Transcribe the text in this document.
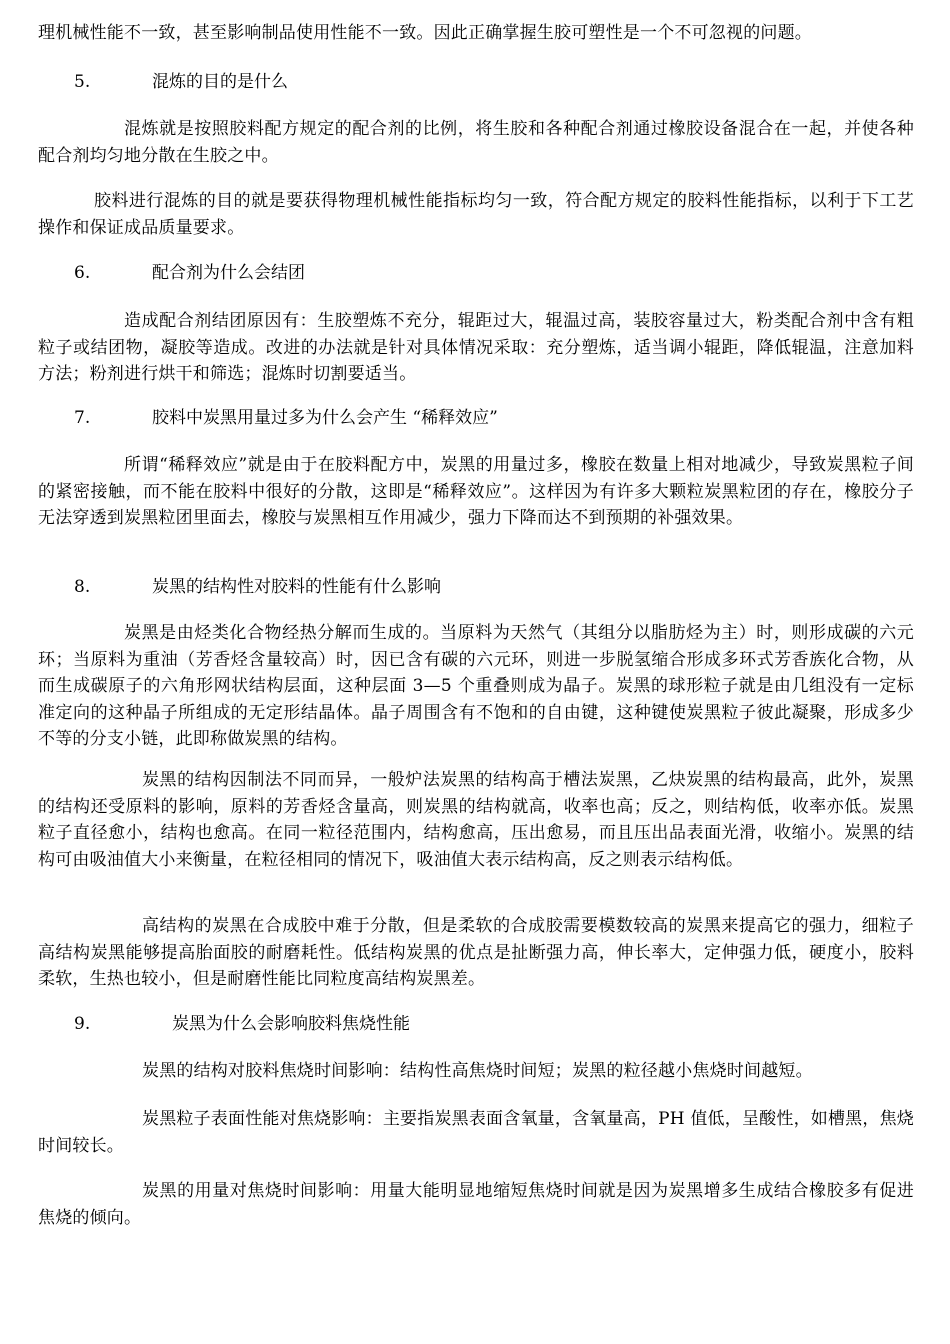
理机械性能不一致，甚至影响制品使用性能不一致。因此正确掌握生胶可塑性是一个不可忽视的问题。

5.	混炼的目的是什么

混炼就是按照胶料配方规定的配合剂的比例，将生胶和各种配合剂通过橡胶设备混合在一起，并使各种配合剂均匀地分散在生胶之中。

胶料进行混炼的目的就是要获得物理机械性能指标均匀一致，符合配方规定的胶料性能指标，以利于下工艺操作和保证成品质量要求。

6.	配合剂为什么会结团

造成配合剂结团原因有：生胶塑炼不充分，辊距过大，辊温过高，装胶容量过大，粉类配合剂中含有粗粒子或结团物，凝胶等造成。改进的办法就是针对具体情况采取：充分塑炼，适当调小辊距，降低辊温，注意加料方法；粉剂进行烘干和筛选；混炼时切割要适当。

7.	胶料中炭黑用量过多为什么会产生 “稀释效应”

所谓“稀释效应”就是由于在胶料配方中，炭黑的用量过多，橡胶在数量上相对地减少，导致炭黑粒子间的紧密接触，而不能在胶料中很好的分散，这即是“稀释效应”。这样因为有许多大颗粒炭黑粒团的存在，橡胶分子无法穿透到炭黑粒团里面去，橡胶与炭黑相互作用减少，强力下降而达不到预期的补强效果。

8.	炭黑的结构性对胶料的性能有什么影响

炭黑是由烃类化合物经热分解而生成的。当原料为天然气（其组分以脂肪烃为主）时，则形成碳的六元环；当原料为重油（芳香烃含量较高）时，因已含有碳的六元环，则进一步脱氢缩合形成多环式芳香族化合物，从而生成碳原子的六角形网状结构层面，这种层面 3—5 个重叠则成为晶子。炭黑的球形粒子就是由几组没有一定标准定向的这种晶子所组成的无定形结晶体。晶子周围含有不饱和的自由键，这种键使炭黑粒子彼此凝聚，形成多少不等的分支小链，此即称做炭黑的结构。

炭黑的结构因制法不同而异，一般炉法炭黑的结构高于槽法炭黑，乙炔炭黑的结构最高，此外，炭黑的结构还受原料的影响，原料的芳香烃含量高，则炭黑的结构就高，收率也高；反之，则结构低，收率亦低。炭黑粒子直径愈小，结构也愈高。在同一粒径范围内，结构愈高，压出愈易，而且压出品表面光滑，收缩小。炭黑的结构可由吸油值大小来衡量，在粒径相同的情况下，吸油值大表示结构高，反之则表示结构低。

高结构的炭黑在合成胶中难于分散，但是柔软的合成胶需要模数较高的炭黑来提高它的强力，细粒子高结构炭黑能够提高胎面胶的耐磨耗性。低结构炭黑的优点是扯断强力高，伸长率大，定伸强力低，硬度小，胶料柔软，生热也较小，但是耐磨性能比同粒度高结构炭黑差。

9.	炭黑为什么会影响胶料焦烧性能

炭黑的结构对胶料焦烧时间影响：结构性高焦烧时间短；炭黑的粒径越小焦烧时间越短。

炭黑粒子表面性能对焦烧影响：主要指炭黑表面含氧量，含氧量高，PH 值低，呈酸性，如槽黑，焦烧时间较长。

炭黑的用量对焦烧时间影响：用量大能明显地缩短焦烧时间就是因为炭黑增多生成结合橡胶多有促进焦烧的倾向。
